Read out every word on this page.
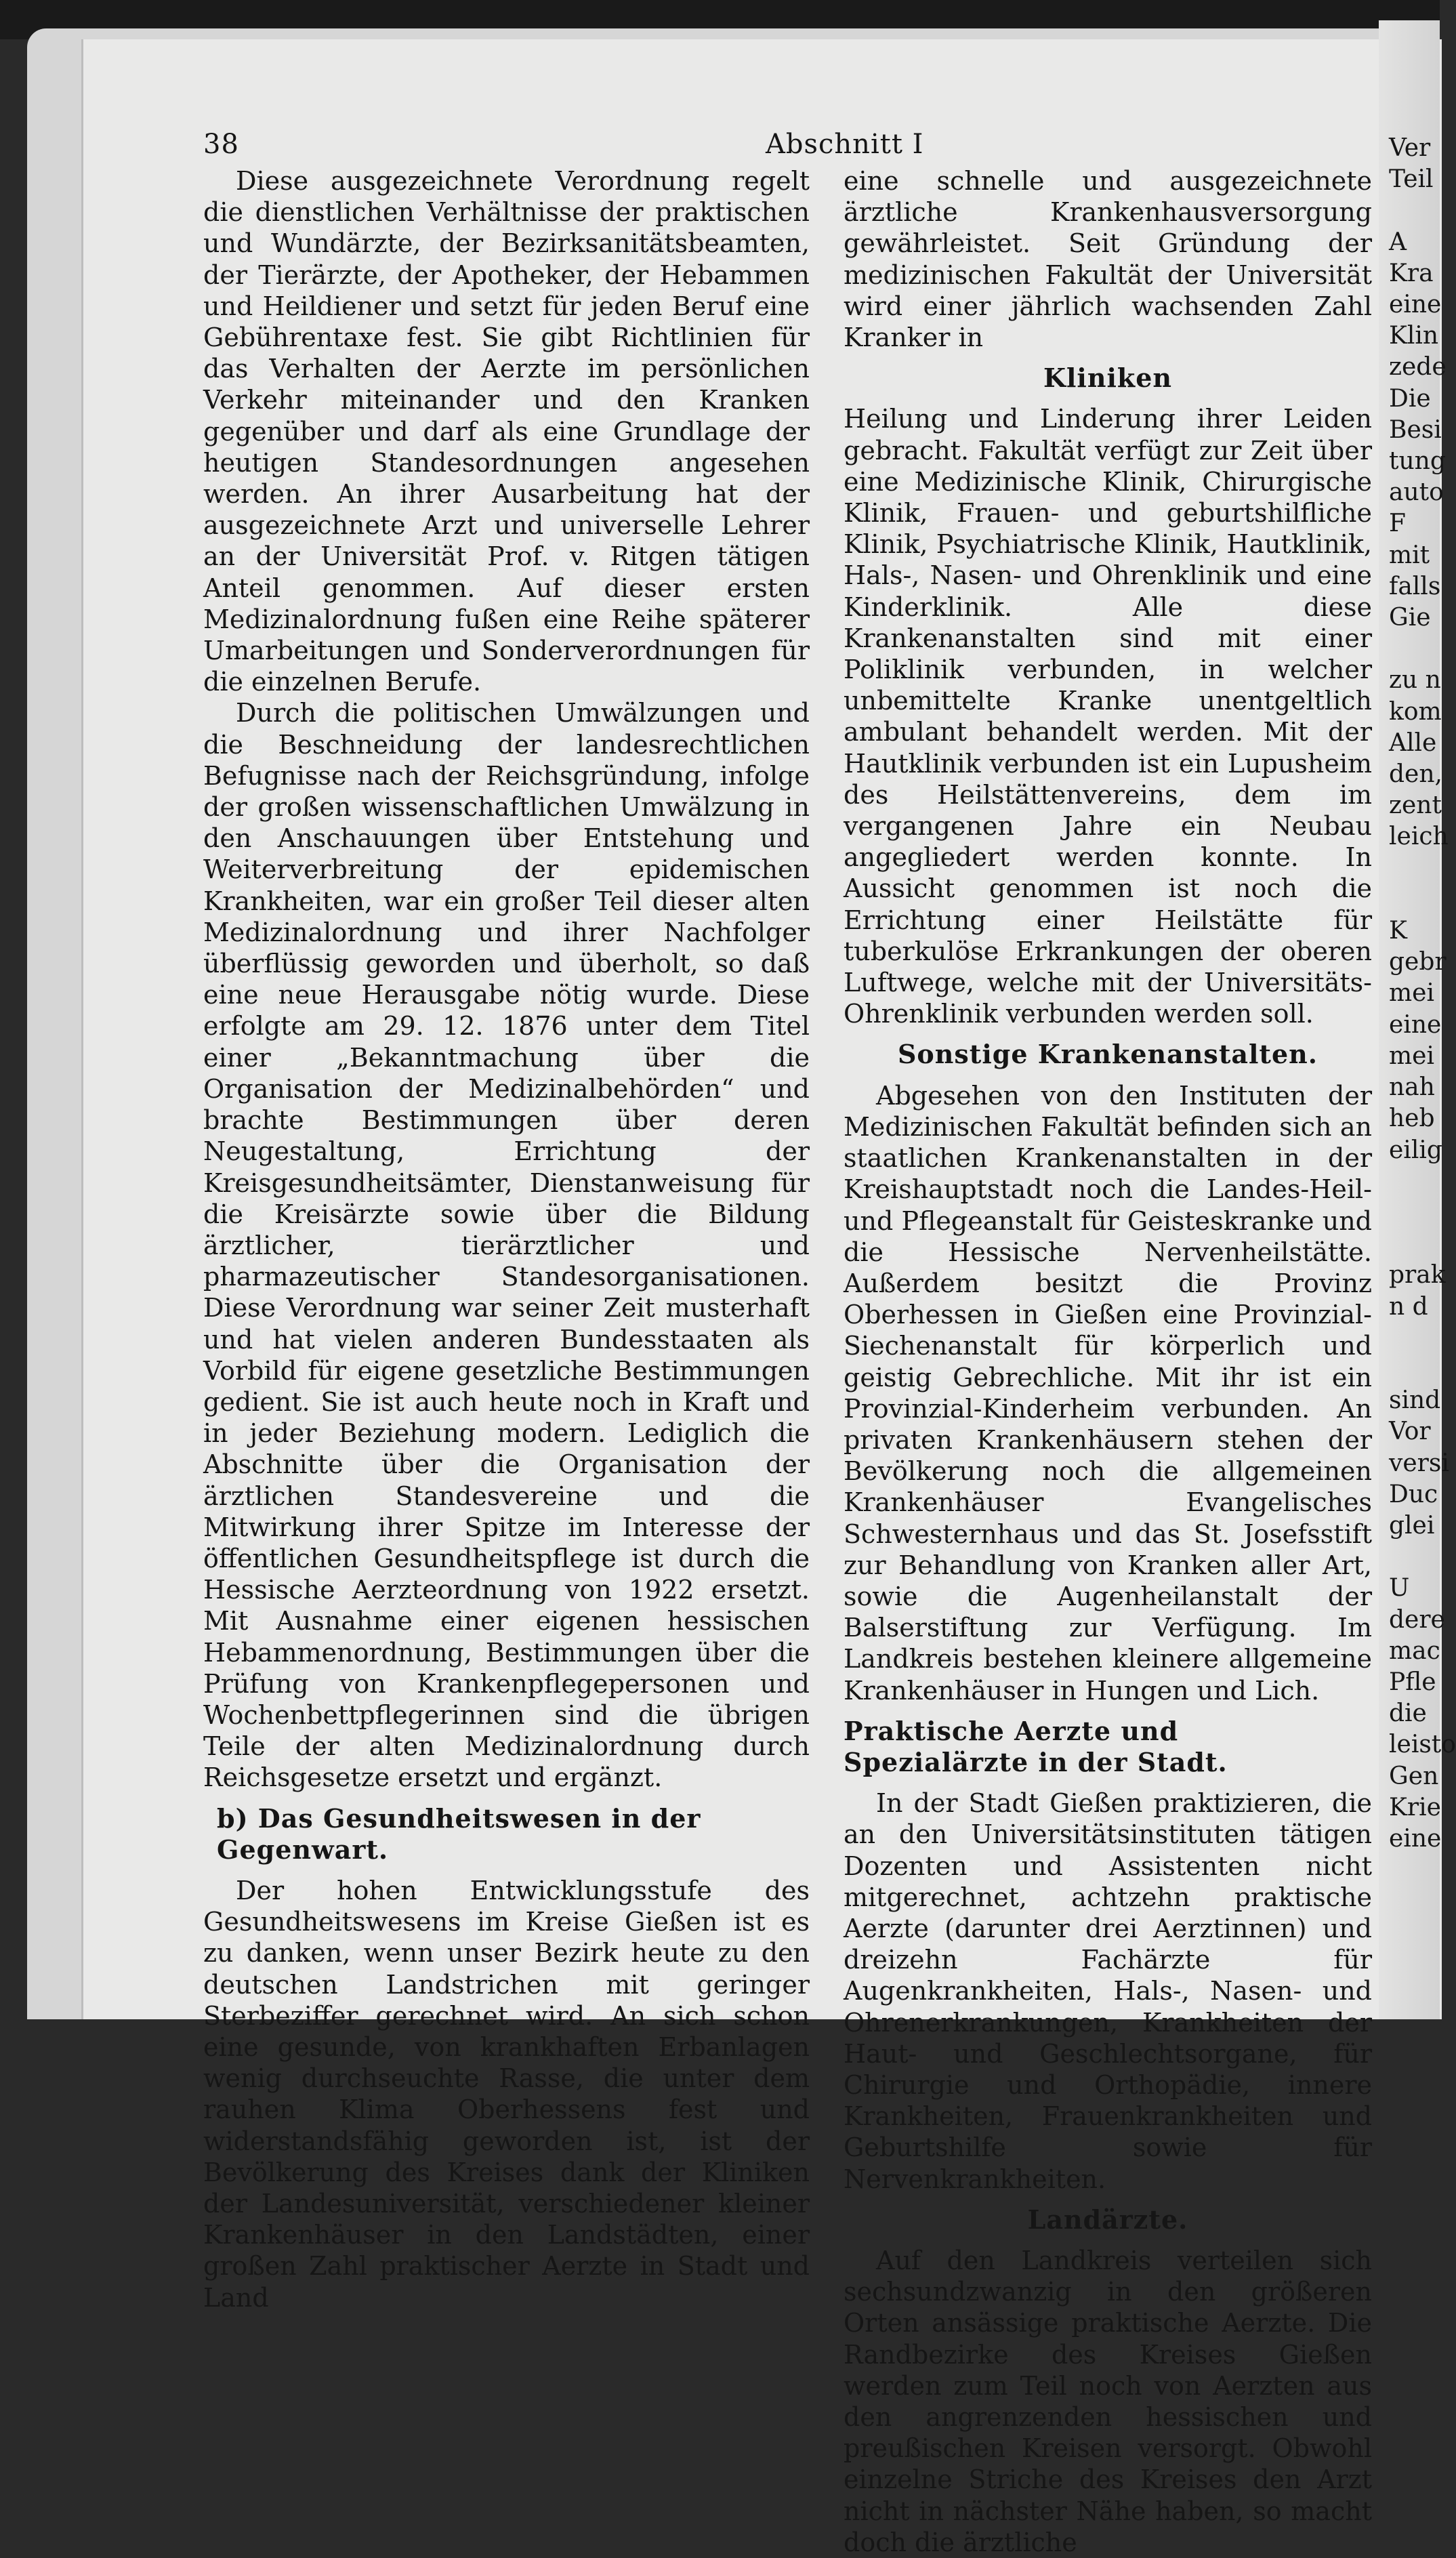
38	Abschnitt I

Diese ausgezeichnete Verordnung regelt die dienstlichen Verhältnisse der praktischen und Wundärzte, der Bezirksanitätsbeamten, der Tierärzte, der Apotheker, der Hebammen und Heildiener und setzt für jeden Beruf eine Gebührentaxe fest. Sie gibt Richtlinien für das Verhalten der Aerzte im persönlichen Verkehr miteinander und den Kranken gegenüber und darf als eine Grundlage der heutigen Standesordnungen angesehen werden. An ihrer Ausarbeitung hat der ausgezeichnete Arzt und universelle Lehrer an der Universität Prof. v. Ritgen tätigen Anteil genommen. Auf dieser ersten Medizinalordnung fußen eine Reihe späterer Umarbeitungen und Sonderverordnungen für die einzelnen Berufe.

Durch die politischen Umwälzungen und die Beschneidung der landesrechtlichen Befugnisse nach der Reichsgründung, infolge der großen wissenschaftlichen Umwälzung in den Anschauungen über Entstehung und Weiterverbreitung der epidemischen Krankheiten, war ein großer Teil dieser alten Medizinalordnung und ihrer Nachfolger überflüssig geworden und überholt, so daß eine neue Herausgabe nötig wurde. Diese erfolgte am 29. 12. 1876 unter dem Titel einer „Bekanntmachung über die Organisation der Medizinalbehörden“ und brachte Bestimmungen über deren Neugestaltung, Errichtung der Kreisgesundheitsämter, Dienstanweisung für die Kreisärzte sowie über die Bildung ärztlicher, tierärztlicher und pharmazeutischer Standesorganisationen. Diese Verordnung war seiner Zeit musterhaft und hat vielen anderen Bundesstaaten als Vorbild für eigene gesetzliche Bestimmungen gedient. Sie ist auch heute noch in Kraft und in jeder Beziehung modern. Lediglich die Abschnitte über die Organisation der ärztlichen Standesvereine und die Mitwirkung ihrer Spitze im Interesse der öffentlichen Gesundheitspflege ist durch die Hessische Aerzteordnung von 1922 ersetzt. Mit Ausnahme einer eigenen hessischen Hebammenordnung, Bestimmungen über die Prüfung von Krankenpflegepersonen und Wochenbettpflegerinnen sind die übrigen Teile der alten Medizinalordnung durch Reichsgesetze ersetzt und ergänzt.

b) Das Gesundheitswesen in der Gegenwart.

Der hohen Entwicklungsstufe des Gesundheitswesens im Kreise Gießen ist es zu danken, wenn unser Bezirk heute zu den deutschen Landstrichen mit geringer Sterbeziffer gerechnet wird. An sich schon eine gesunde, von krankhaften Erbanlagen wenig durchseuchte Rasse, die unter dem rauhen Klima Oberhessens fest und widerstandsfähig geworden ist, ist der Bevölkerung des Kreises dank der Kliniken der Landesuniversität, verschiedener kleiner Krankenhäuser in den Landstädten, einer großen Zahl praktischer Aerzte in Stadt und Land

eine schnelle und ausgezeichnete ärztliche Krankenhausversorgung gewährleistet. Seit Gründung der medizinischen Fakultät der Universität wird einer jährlich wachsenden Zahl Kranker in

Kliniken

Heilung und Linderung ihrer Leiden gebracht. Fakultät verfügt zur Zeit über eine Medizinische Klinik, Chirurgische Klinik, Frauen- und geburtshilfliche Klinik, Psychiatrische Klinik, Hautklinik, Hals-, Nasen- und Ohrenklinik und eine Kinderklinik. Alle diese Krankenanstalten sind mit einer Poliklinik verbunden, in welcher unbemittelte Kranke unentgeltlich ambulant behandelt werden. Mit der Hautklinik verbunden ist ein Lupusheim des Heilstättenvereins, dem im vergangenen Jahre ein Neubau angegliedert werden konnte. In Aussicht genommen ist noch die Errichtung einer Heilstätte für tuberkulöse Erkrankungen der oberen Luftwege, welche mit der Universitäts-Ohrenklinik verbunden werden soll.

Sonstige Krankenanstalten.

Abgesehen von den Instituten der Medizinischen Fakultät befinden sich an staatlichen Krankenanstalten in der Kreishauptstadt noch die Landes-Heil- und Pflegeanstalt für Geisteskranke und die Hessische Nervenheilstätte. Außerdem besitzt die Provinz Oberhessen in Gießen eine Provinzial-Siechenanstalt für körperlich und geistig Gebrechliche. Mit ihr ist ein Provinzial-Kinderheim verbunden. An privaten Krankenhäusern stehen der Bevölkerung noch die allgemeinen Krankenhäuser Evangelisches Schwesternhaus und das St. Josefsstift zur Behandlung von Kranken aller Art, sowie die Augenheilanstalt der Balserstiftung zur Verfügung. Im Landkreis bestehen kleinere allgemeine Krankenhäuser in Hungen und Lich.

Praktische Aerzte und Spezialärzte in der Stadt.

In der Stadt Gießen praktizieren, die an den Universitätsinstituten tätigen Dozenten und Assistenten nicht mitgerechnet, achtzehn praktische Aerzte (darunter drei Aerztinnen) und dreizehn Fachärzte für Augenkrankheiten, Hals-, Nasen- und Ohrenerkrankungen, Krankheiten der Haut- und Geschlechtsorgane, für Chirurgie und Orthopädie, innere Krankheiten, Frauenkrankheiten und Geburtshilfe sowie für Nervenkrankheiten.

Landärzte.

Auf den Landkreis verteilen sich sechsundzwanzig in den größeren Orten ansässige praktische Aerzte. Die Randbezirke des Kreises Gießen werden zum Teil noch von Aerzten aus den angrenzenden hessischen und preußischen Kreisen versorgt. Obwohl einzelne Striche des Kreises den Arzt nicht in nächster Nähe haben, so macht doch die ärztliche

Ver
Teil

A
Kra
eine
Klin
zede
Die
Besi
tung
auto
F
mit
falls
Gie

zu n
kom
Alle
den,
zent
leich

K
gebr
mei
eine
mei
nah
heb
eilig

prak
n d

sind
Vor
versi
Duc
glei

U
dere
mac
Pfle
die
leisto
Gen
Krie
eine
